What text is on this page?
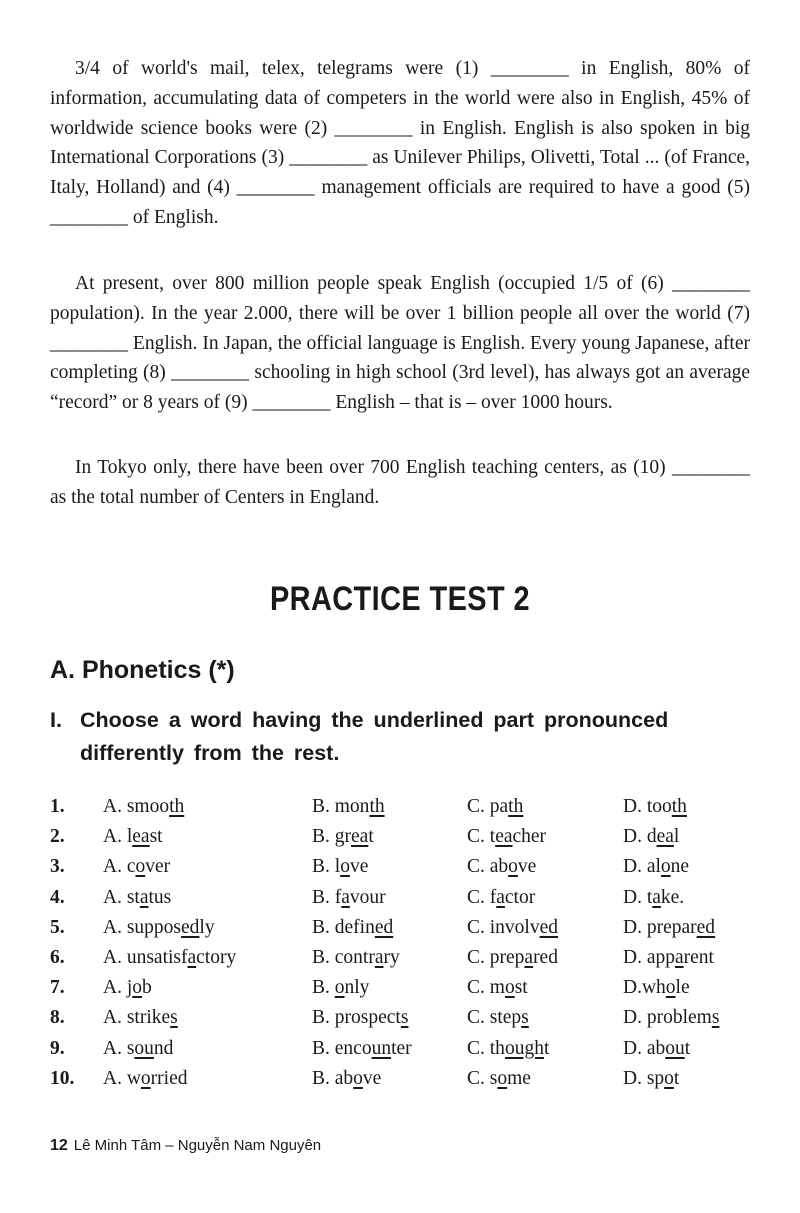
3/4 of world's mail, telex, telegrams were (1) ________ in English, 80% of information, accumulating data of competers in the world were also in English, 45% of worldwide science books were (2) ________ in English. English is also spoken in big International Corporations (3) ________ as Unilever Philips, Olivetti, Total ... (of France, Italy, Holland) and (4) ________ management officials are required to have a good (5) ________ of English.

At present, over 800 million people speak English (occupied 1/5 of (6) ________ population). In the year 2.000, there will be over 1 billion people all over the world (7) ________ English. In Japan, the official language is English. Every young Japanese, after completing (8) ________ schooling in high school (3rd level), has always got an average “record” or 8 years of (9) ________ English – that is – over 1000 hours.

In Tokyo only, there have been over 700 English teaching centers, as (10) ________ as the total number of Centers in England.

PRACTICE TEST 2
A. Phonetics (*)
I. Choose a word having the underlined part pronounced
differently from the rest.
1.	A. smooth	B. month	C. path	D. tooth
2.	A. least	B. great	C. teacher	D. deal
3.	A. cover	B. love	C. above	D. alone
4.	A. status	B. favour	C. factor	D. take.
5.	A. supposedly	B. defined	C. involved	D. prepared
6.	A. unsatisfactory	B. contrary	C. prepared	D. apparent
7.	A. job	B. only	C. most	D.whole
8.	A. strikes	B. prospects	C. steps	D. problems
9.	A. sound	B. encounter	C. thought	D. about
10.	A. worried	B. above	C. some	D. spot
12 Lê Minh Tâm – Nguyễn Nam Nguyên
